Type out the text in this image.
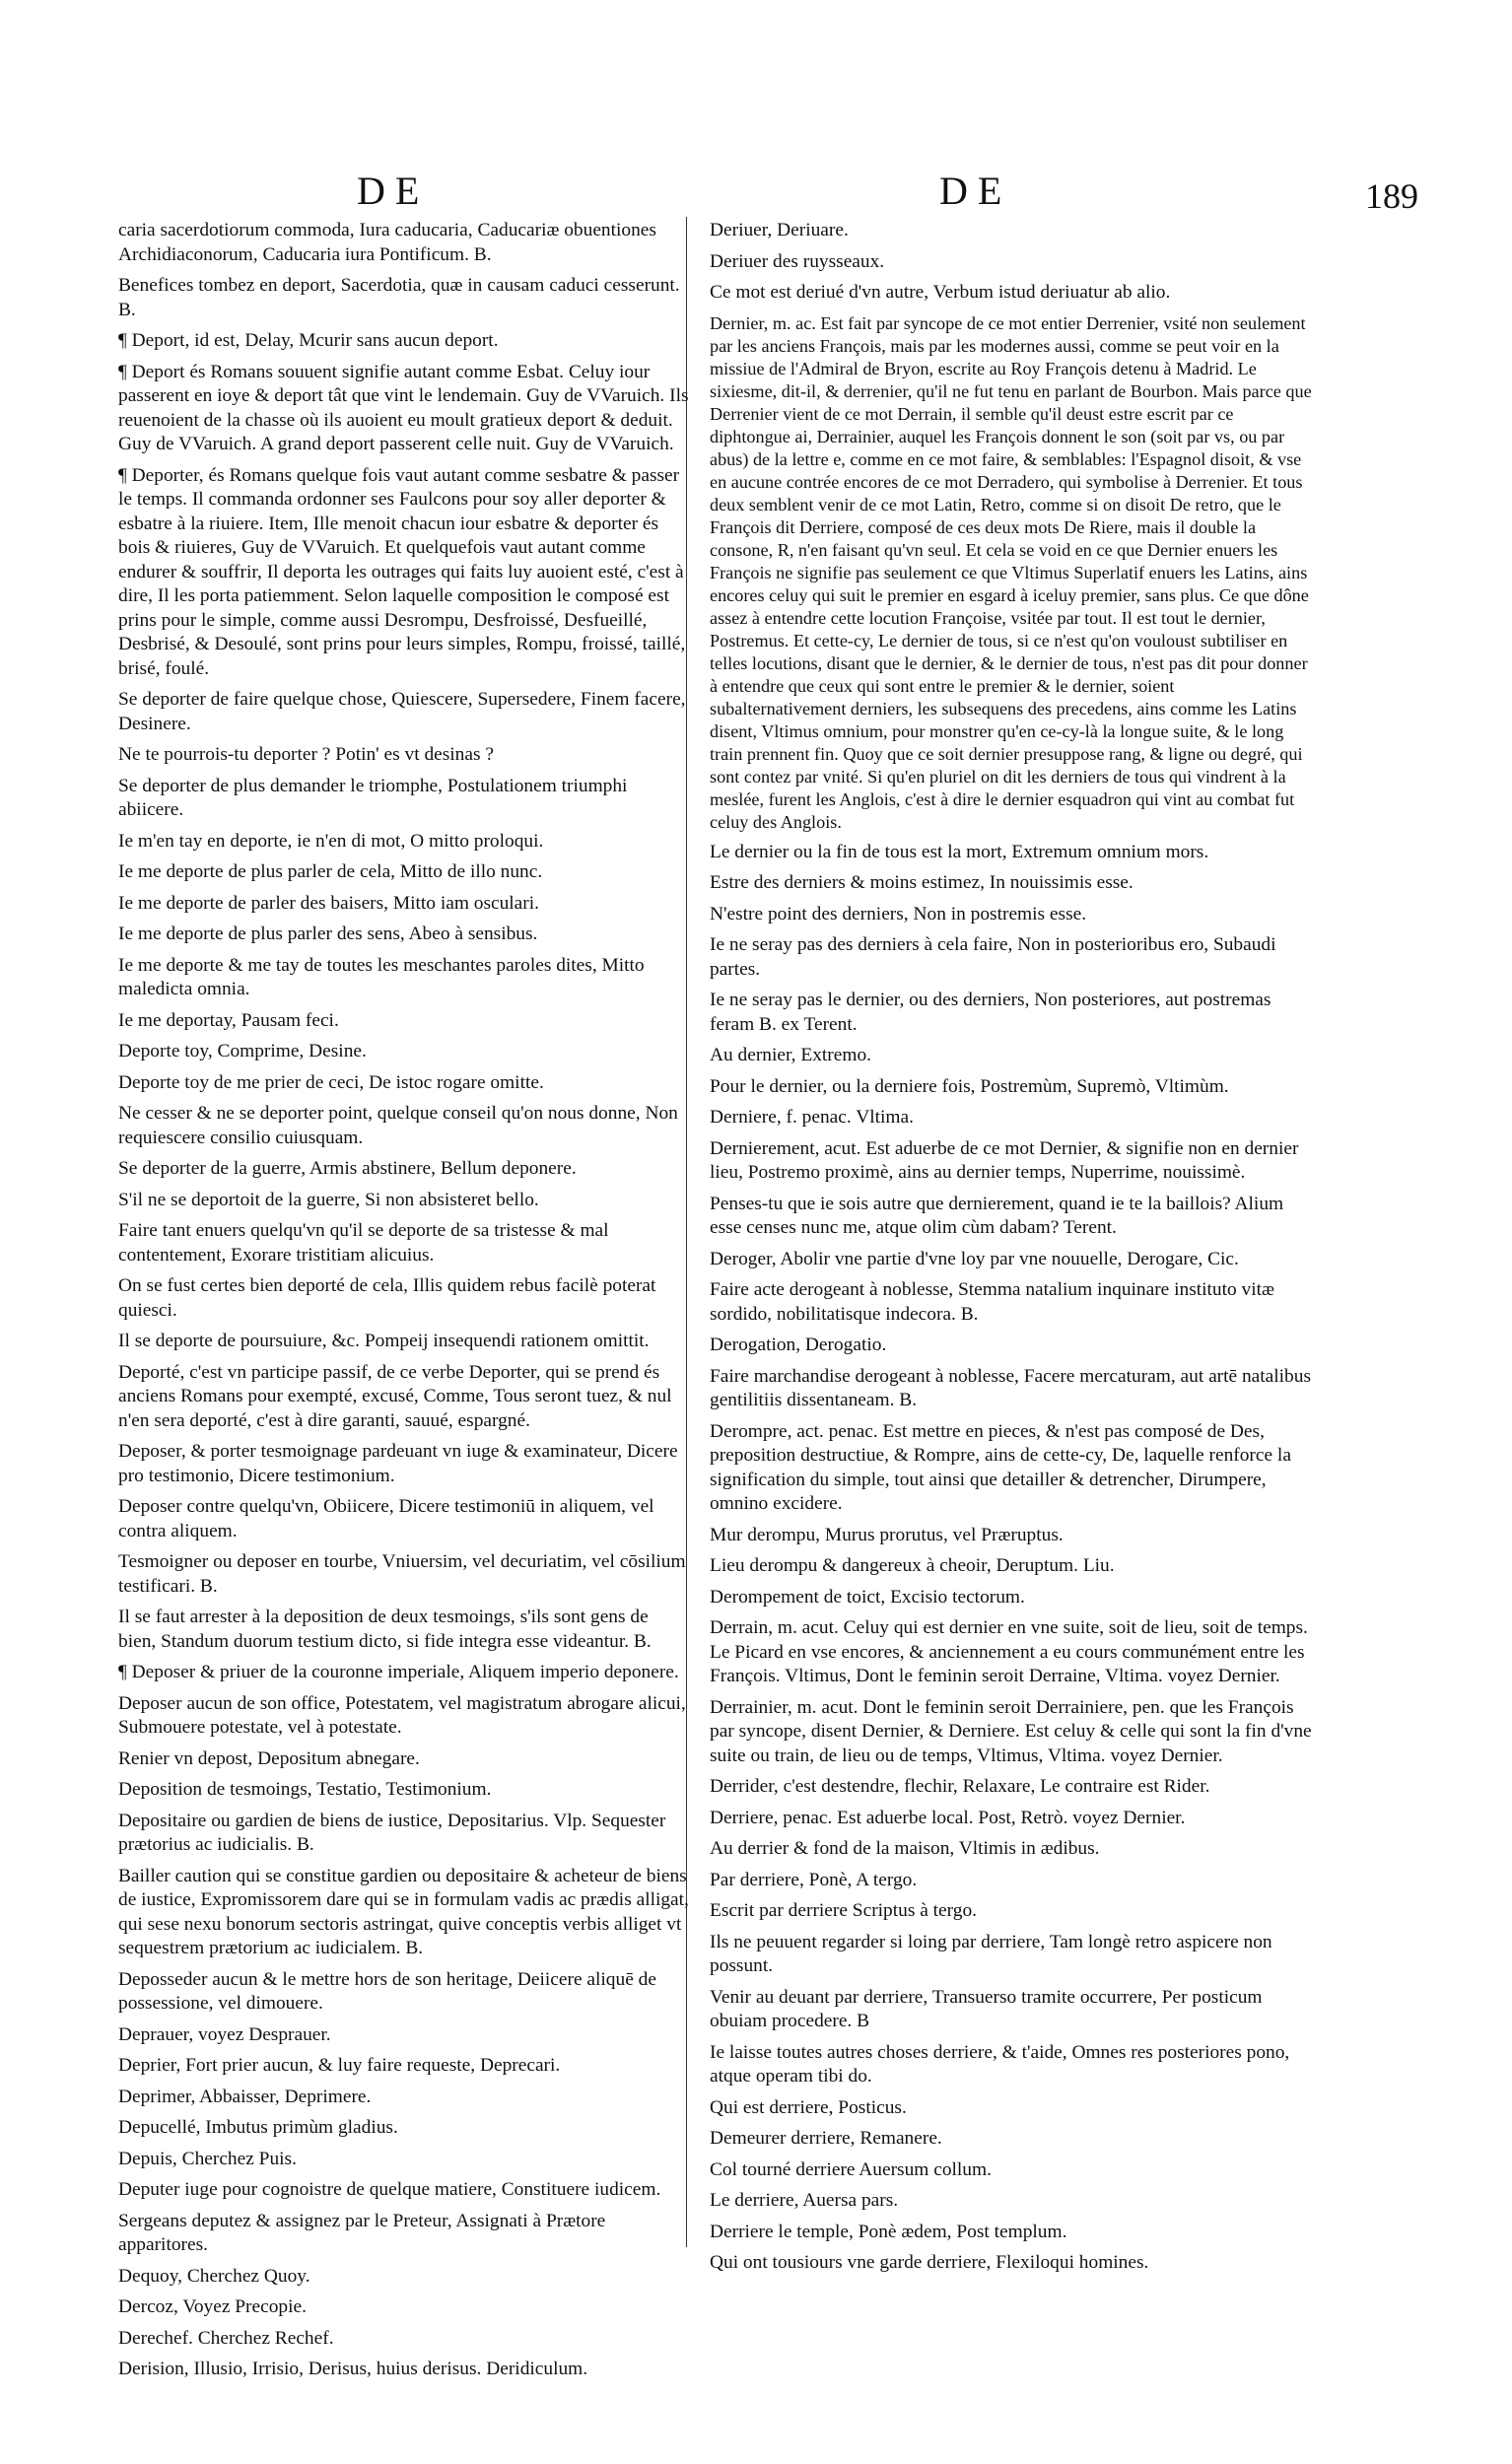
DE	DE	189

caria sacerdotiorum commoda, Iura caducaria, Caducariæ obuentiones Archidiaconorum, Caducaria iura Pontificum. B.

Benefices tombez en deport, Sacerdotia, quæ in causam caduci cesserunt. B.

¶ Deport, id est, Delay, Mcurir sans aucun deport.

¶ Deport és Romans souuent signifie autant comme Esbat. Celuy iour passerent en ioye & deport tât que vint le lendemain. Guy de VVaruich. Ils reuenoient de la chasse où ils auoient eu moult gratieux deport & deduit. Guy de VVaruich. A grand deport passerent celle nuit. Guy de VVaruich.

¶ Deporter, és Romans quelque fois vaut autant comme sesbatre & passer le temps. Il commanda ordonner ses Faulcons pour soy aller deporter & esbatre à la riuiere. Item, Ille menoit chacun iour esbatre & deporter és bois & riuieres, Guy de VVaruich. Et quelquefois vaut autant comme endurer & souffrir, Il deporta les outrages qui faits luy auoient esté, c'est à dire, Il les porta patiemment. Selon laquelle composition le composé est prins pour le simple, comme aussi Desrompu, Desfroissé, Desfueillé, Desbrisé, & Desoulé, sont prins pour leurs simples, Rompu, froissé, taillé, brisé, foulé.

Se deporter de faire quelque chose, Quiescere, Supersedere, Finem facere, Desinere.

Ne te pourrois-tu deporter ? Potin' es vt desinas ?

Se deporter de plus demander le triomphe, Postulationem triumphi abiicere.

Ie m'en tay en deporte, ie n'en di mot, O mitto proloqui.

Ie me deporte de plus parler de cela, Mitto de illo nunc.

Ie me deporte de parler des baisers, Mitto iam osculari.

Ie me deporte de plus parler des sens, Abeo à sensibus.

Ie me deporte & me tay de toutes les meschantes paroles dites, Mitto maledicta omnia.

Ie me deportay, Pausam feci.

Deporte toy, Comprime, Desine.

Deporte toy de me prier de ceci, De istoc rogare omitte.

Ne cesser & ne se deporter point, quelque conseil qu'on nous donne, Non requiescere consilio cuiusquam.

Se deporter de la guerre, Armis abstinere, Bellum deponere.

S'il ne se deportoit de la guerre, Si non absisteret bello.

Faire tant enuers quelqu'vn qu'il se deporte de sa tristesse & mal contentement, Exorare tristitiam alicuius.

On se fust certes bien deporté de cela, Illis quidem rebus facilè poterat quiesci.

Il se deporte de poursuiure, &c. Pompeij insequendi rationem omittit.

Deporté, c'est vn participe passif, de ce verbe Deporter, qui se prend és anciens Romans pour exempté, excusé, Comme, Tous seront tuez, & nul n'en sera deporté, c'est à dire garanti, sauué, espargné.

Deposer, & porter tesmoignage pardeuant vn iuge & examinateur, Dicere pro testimonio, Dicere testimonium.

Deposer contre quelqu'vn, Obiicere, Dicere testimoniū in aliquem, vel contra aliquem.

Tesmoigner ou deposer en tourbe, Vniuersim, vel decuriatim, vel cōsilium testificari. B.

Il se faut arrester à la deposition de deux tesmoings, s'ils sont gens de bien, Standum duorum testium dicto, si fide integra esse videantur. B.

¶ Deposer & priuer de la couronne imperiale, Aliquem imperio deponere.

Deposer aucun de son office, Potestatem, vel magistratum abrogare alicui, Submouere potestate, vel à potestate.

Renier vn depost, Depositum abnegare.

Deposition de tesmoings, Testatio, Testimonium.

Depositaire ou gardien de biens de iustice, Depositarius. Vlp. Sequester prætorius ac iudicialis. B.

Bailler caution qui se constitue gardien ou depositaire & acheteur de biens de iustice, Expromissorem dare qui se in formulam vadis ac prædis alligat, qui sese nexu bonorum sectoris astringat, quive conceptis verbis alliget vt sequestrem prætorium ac iudicialem. B.

Deposseder aucun & le mettre hors de son heritage, Deiicere aliquē de possessione, vel dimouere.

Deprauer, voyez Desprauer.

Deprier, Fort prier aucun, & luy faire requeste, Deprecari.

Deprimer, Abbaisser, Deprimere.

Depucellé, Imbutus primùm gladius.

Depuis, Cherchez Puis.

Deputer iuge pour cognoistre de quelque matiere, Constituere iudicem.

Sergeans deputez & assignez par le Preteur, Assignati à Prætore apparitores.

Dequoy, Cherchez Quoy.

Dercoz, Voyez Precopie.

Derechef. Cherchez Rechef.

Derision, Illusio, Irrisio, Derisus, huius derisus. Deridiculum.

Deriuer, Deriuare.

Deriuer des ruysseaux.

Ce mot est deriué d'vn autre, Verbum istud deriuatur ab alio.

Dernier, m. ac. Est fait par syncope de ce mot entier Derrenier, vsité non seulement par les anciens François, mais par les modernes aussi, comme se peut voir en la missiue de l'Admiral de Bryon, escrite au Roy François detenu à Madrid. Le sixiesme, dit-il, & derrenier, qu'il ne fut tenu en parlant de Bourbon. Mais parce que Derrenier vient de ce mot Derrain, il semble qu'il deust estre escrit par ce diphtongue ai, Derrainier, auquel les François donnent le son (soit par vs, ou par abus) de la lettre e, comme en ce mot faire, & semblables: l'Espagnol disoit, & vse en aucune contrée encores de ce mot Derradero, qui symbolise à Derrenier. Et tous deux semblent venir de ce mot Latin, Retro, comme si on disoit De retro, que le François dit Derriere, composé de ces deux mots De Riere, mais il double la consone, R, n'en faisant qu'vn seul. Et cela se void en ce que Dernier enuers les François ne signifie pas seulement ce que Vltimus Superlatif enuers les Latins, ains encores celuy qui suit le premier en esgard à iceluy premier, sans plus. Ce que dône assez à entendre cette locution Françoise, vsitée par tout. Il est tout le dernier, Postremus. Et cette-cy, Le dernier de tous, si ce n'est qu'on vouloust subtiliser en telles locutions, disant que le dernier, & le dernier de tous, n'est pas dit pour donner à entendre que ceux qui sont entre le premier & le dernier, soient subalternativement derniers, les subsequens des precedens, ains comme les Latins disent, Vltimus omnium, pour monstrer qu'en ce-cy-là la longue suite, & le long train prennent fin. Quoy que ce soit dernier presuppose rang, & ligne ou degré, qui sont contez par vnité. Si qu'en pluriel on dit les derniers de tous qui vindrent à la meslée, furent les Anglois, c'est à dire le dernier esquadron qui vint au combat fut celuy des Anglois.

Le dernier ou la fin de tous est la mort, Extremum omnium mors.

Estre des derniers & moins estimez, In nouissimis esse.

N'estre point des derniers, Non in postremis esse.

Ie ne seray pas des derniers à cela faire, Non in posterioribus ero, Subaudi partes.

Ie ne seray pas le dernier, ou des derniers, Non posteriores, aut postremas feram B. ex Terent.

Au dernier, Extremo.

Pour le dernier, ou la derniere fois, Postremùm, Supremò, Vltimùm.

Derniere, f. penac. Vltima.

Dernierement, acut. Est aduerbe de ce mot Dernier, & signifie non en dernier lieu, Postremo proximè, ains au dernier temps, Nuperrime, nouissimè.

Penses-tu que ie sois autre que dernierement, quand ie te la baillois? Alium esse censes nunc me, atque olim cùm dabam? Terent.

Deroger, Abolir vne partie d'vne loy par vne nouuelle, Derogare, Cic.

Faire acte derogeant à noblesse, Stemma natalium inquinare instituto vitæ sordido, nobilitatisque indecora. B.

Derogation, Derogatio.

Faire marchandise derogeant à noblesse, Facere mercaturam, aut artē natalibus gentilitiis dissentaneam. B.

Derompre, act. penac. Est mettre en pieces, & n'est pas composé de Des, preposition destructiue, & Rompre, ains de cette-cy, De, laquelle renforce la signification du simple, tout ainsi que detailler & detrencher, Dirumpere, omnino excidere.

Mur derompu, Murus prorutus, vel Præruptus.

Lieu derompu & dangereux à cheoir, Deruptum. Liu.

Derompement de toict, Excisio tectorum.

Derrain, m. acut. Celuy qui est dernier en vne suite, soit de lieu, soit de temps. Le Picard en vse encores, & anciennement a eu cours communément entre les François. Vltimus, Dont le feminin seroit Derraine, Vltima. voyez Dernier.

Derrainier, m. acut. Dont le feminin seroit Derrainiere, pen. que les François par syncope, disent Dernier, & Derniere. Est celuy & celle qui sont la fin d'vne suite ou train, de lieu ou de temps, Vltimus, Vltima. voyez Dernier.

Derrider, c'est destendre, flechir, Relaxare, Le contraire est Rider.

Derriere, penac. Est aduerbe local. Post, Retrò. voyez Dernier.

Au derrier & fond de la maison, Vltimis in ædibus.

Par derriere, Ponè, A tergo.

Escrit par derriere Scriptus à tergo.

Ils ne peuuent regarder si loing par derriere, Tam longè retro aspicere non possunt.

Venir au deuant par derriere, Transuerso tramite occurrere, Per posticum obuiam procedere. B

Ie laisse toutes autres choses derriere, & t'aide, Omnes res posteriores pono, atque operam tibi do.

Qui est derriere, Posticus.

Demeurer derriere, Remanere.

Col tourné derriere Auersum collum.

Le derriere, Auersa pars.

Derriere le temple, Ponè ædem, Post templum.

Qui ont tousiours vne garde derriere, Flexiloqui homines.
